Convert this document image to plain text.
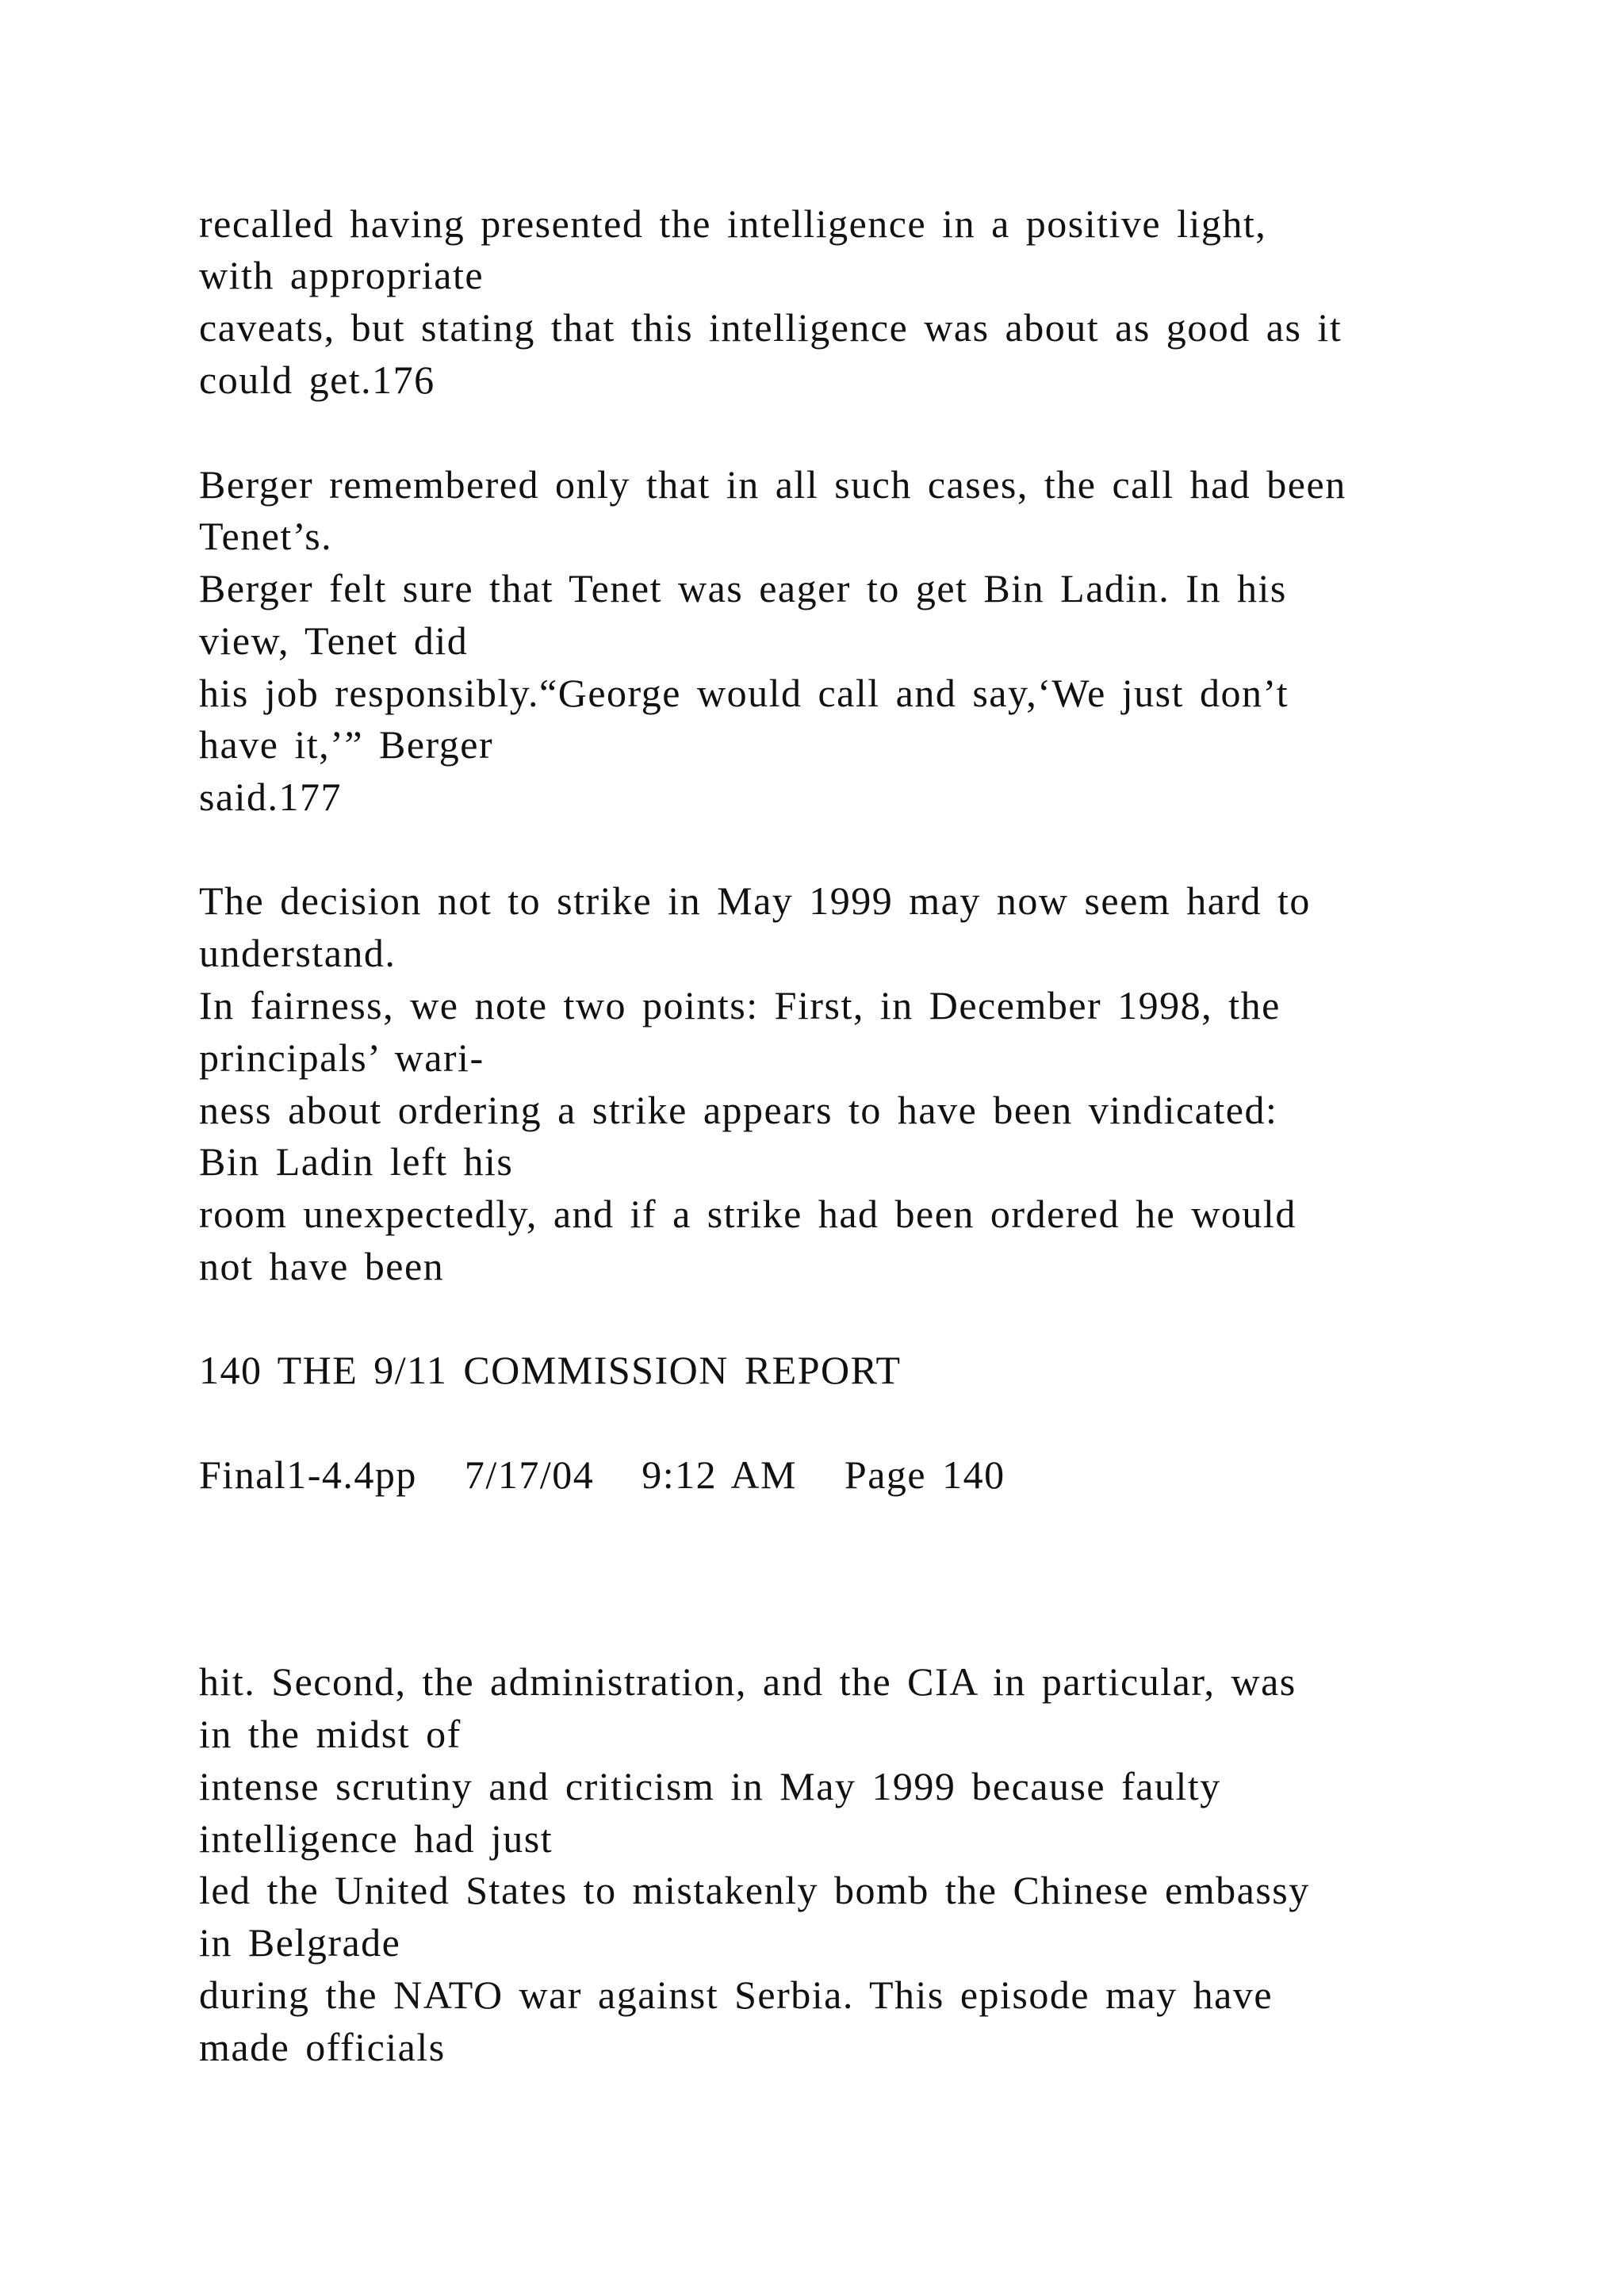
recalled having presented the intelligence in a positive light,
with appropriate
caveats, but stating that this intelligence was about as good as it
could get.176
Berger remembered only that in all such cases, the call had been
Tenet’s.
Berger felt sure that Tenet was eager to get Bin Ladin. In his
view, Tenet did
his job responsibly.“George would call and say,‘We just don’t
have it,’” Berger
said.177
The decision not to strike in May 1999 may now seem hard to
understand.
In fairness, we note two points: First, in December 1998, the
principals’ wari-
ness about ordering a strike appears to have been vindicated:
Bin Ladin left his
room unexpectedly, and if a strike had been ordered he would
not have been
140 THE 9/11 COMMISSION REPORT
Final1-4.4pp   7/17/04   9:12 AM   Page 140
hit. Second, the administration, and the CIA in particular, was
in the midst of
intense scrutiny and criticism in May 1999 because faulty
intelligence had just
led the United States to mistakenly bomb the Chinese embassy
in Belgrade
during the NATO war against Serbia. This episode may have
made officials
